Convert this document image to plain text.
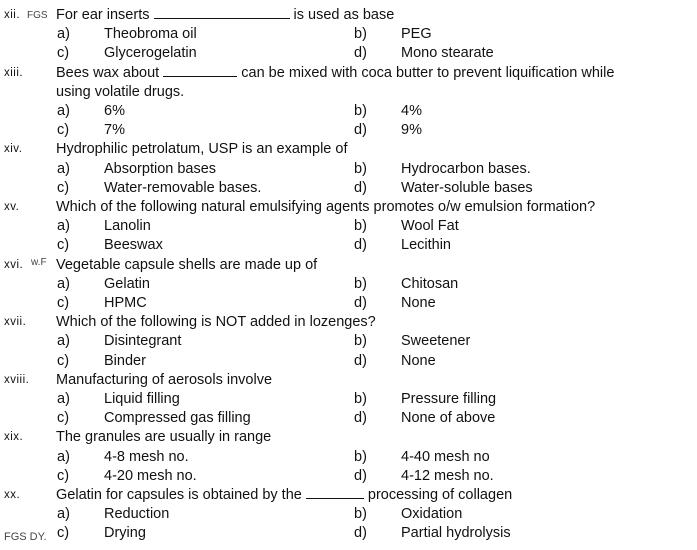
xii. For ear inserts	is used as base
a) Theobroma oil	b) PEG
c) Glycerogelatin	d) Mono stearate
xiii. Bees wax about	can be mixed with coca butter to prevent liquification while
using volatile drugs.
a) 6%	b) 4%
c) 7%	d) 9%
xiv. Hydrophilic petrolatum, USP is an example of
a) Absorption bases	b) Hydrocarbon bases.
c) Water-removable bases.	d) Water-soluble bases
xv.	Which of the following natural emulsifying agents promotes o/w emulsion formation?
a) Lanolin	b) Wool Fat
c) Beeswax	d) Lecithin
xvi. Vegetable capsule shells are made up of
a) Gelatin	b) Chitosan
c) HPMC	d) None
xvii. Which of the following is NOT added in lozenges?
a) Disintegrant	b) Sweetener
c) Binder	d) None
xviii. Manufacturing of aerosols involve
a) Liquid filling	b) Pressure filling
c) Compressed gas filling	d) None of above
xix. The granules are usually in range
a) 4-8 mesh no.	b) 4-40 mesh no
c) 4-20 mesh no.	d) 4-12 mesh no.
xx. Gelatin for capsules is obtained by the	processing of collagen
a) Reduction	b) Oxidation
c) Drying	d) Partial hydrolysis
FGS DY.
FGS
w.F
